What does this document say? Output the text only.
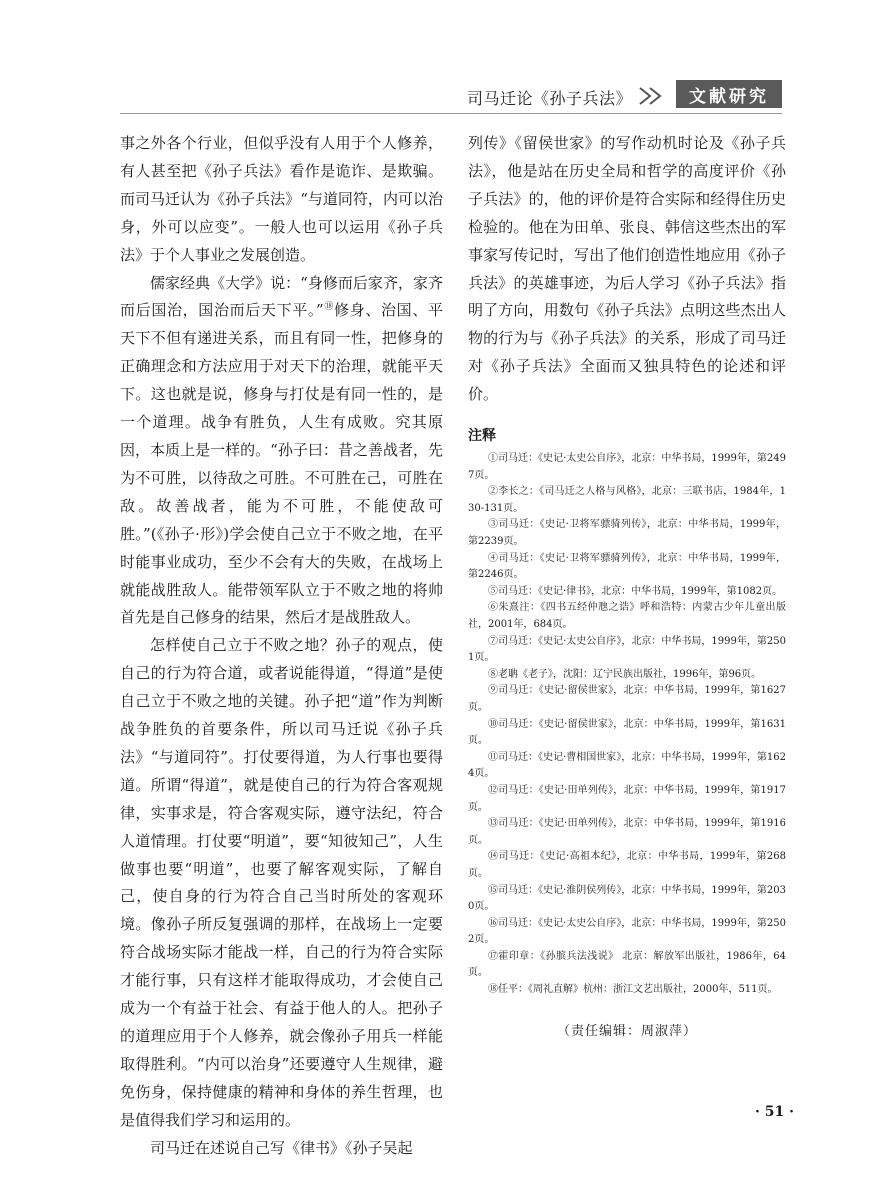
司马迁论《孙子兵法》	文献研究

事之外各个行业，但似乎没有人用于个人修养，有人甚至把《孙子兵法》看作是诡诈、是欺骗。而司马迁认为《孙子兵法》“与道同符，内可以治身，外可以应变”。一般人也可以运用《孙子兵法》于个人事业之发展创造。

儒家经典《大学》说：“身修而后家齐，家齐而后国治，国治而后天下平。”⑱修身、治国、平天下不但有递进关系，而且有同一性，把修身的正确理念和方法应用于对天下的治理，就能平天下。这也就是说，修身与打仗是有同一性的，是一个道理。战争有胜负，人生有成败。究其原因，本质上是一样的。“孙子曰：昔之善战者，先为不可胜，以待敌之可胜。不可胜在己，可胜在敌。故善战者，能为不可胜，不能使敌可胜。”(《孙子·形》)学会使自己立于不败之地，在平时能事业成功，至少不会有大的失败，在战场上就能战胜敌人。能带领军队立于不败之地的将帅首先是自己修身的结果，然后才是战胜敌人。

怎样使自己立于不败之地？孙子的观点，使自己的行为符合道，或者说能得道，“得道”是使自己立于不败之地的关键。孙子把“道”作为判断战争胜负的首要条件，所以司马迁说《孙子兵法》“与道同符”。打仗要得道，为人行事也要得道。所谓“得道”，就是使自己的行为符合客观规律，实事求是，符合客观实际，遵守法纪，符合人道情理。打仗要“明道”，要“知彼知己”，人生做事也要“明道”，也要了解客观实际，了解自己，使自身的行为符合自己当时所处的客观环境。像孙子所反复强调的那样，在战场上一定要符合战场实际才能战一样，自己的行为符合实际才能行事，只有这样才能取得成功，才会使自己成为一个有益于社会、有益于他人的人。把孙子的道理应用于个人修养，就会像孙子用兵一样能取得胜利。“内可以治身”还要遵守人生规律，避免伤身，保持健康的精神和身体的养生哲理，也是值得我们学习和运用的。

司马迁在述说自己写《律书》《孙子吴起

列传》《留侯世家》的写作动机时论及《孙子兵法》，他是站在历史全局和哲学的高度评价《孙子兵法》的，他的评价是符合实际和经得住历史检验的。他在为田单、张良、韩信这些杰出的军事家写传记时，写出了他们创造性地应用《孙子兵法》的英雄事迹，为后人学习《孙子兵法》指明了方向，用数句《孙子兵法》点明这些杰出人物的行为与《孙子兵法》的关系，形成了司马迁对《孙子兵法》全面而又独具特色的论述和评价。

注释

①司马迁：《史记·太史公自序》，北京：中华书局，1999年，第2497页。

②李长之：《司马迁之人格与风格》，北京：三联书店，1984年，130-131页。

③司马迁：《史记·卫将军骠骑列传》，北京：中华书局，1999年，第2239页。

④司马迁：《史记·卫将军骠骑列传》，北京：中华书局，1999年，第2246页。

⑤司马迁：《史记·律书》，北京：中华书局，1999年，第1082页。

⑥朱熹注：《四书五经仲虺之诰》呼和浩特：内蒙古少年儿童出版社，2001年，684页。

⑦司马迁：《史记·太史公自序》，北京：中华书局，1999年，第2501页。

⑧老聃《老子》，沈阳：辽宁民族出版社，1996年，第96页。

⑨司马迁：《史记·留侯世家》，北京：中华书局，1999年，第1627页。

⑩司马迁：《史记·留侯世家》，北京：中华书局，1999年，第1631页。

⑪司马迁：《史记·曹相国世家》，北京：中华书局，1999年，第1624页。

⑫司马迁：《史记·田单列传》，北京：中华书局，1999年，第1917页。

⑬司马迁：《史记·田单列传》，北京：中华书局，1999年，第1916页。

⑭司马迁：《史记·高祖本纪》，北京：中华书局，1999年，第268页。

⑮司马迁：《史记·淮阴侯列传》，北京：中华书局，1999年，第2030页。

⑯司马迁：《史记·太史公自序》，北京：中华书局，1999年，第2502页。

⑰霍印章：《孙膑兵法浅说》 北京：解放军出版社，1986年，64页。

⑱任平：《周礼直解》杭州：浙江文艺出版社，2000年，511页。

（责任编辑：周淑萍）
· 51 ·
